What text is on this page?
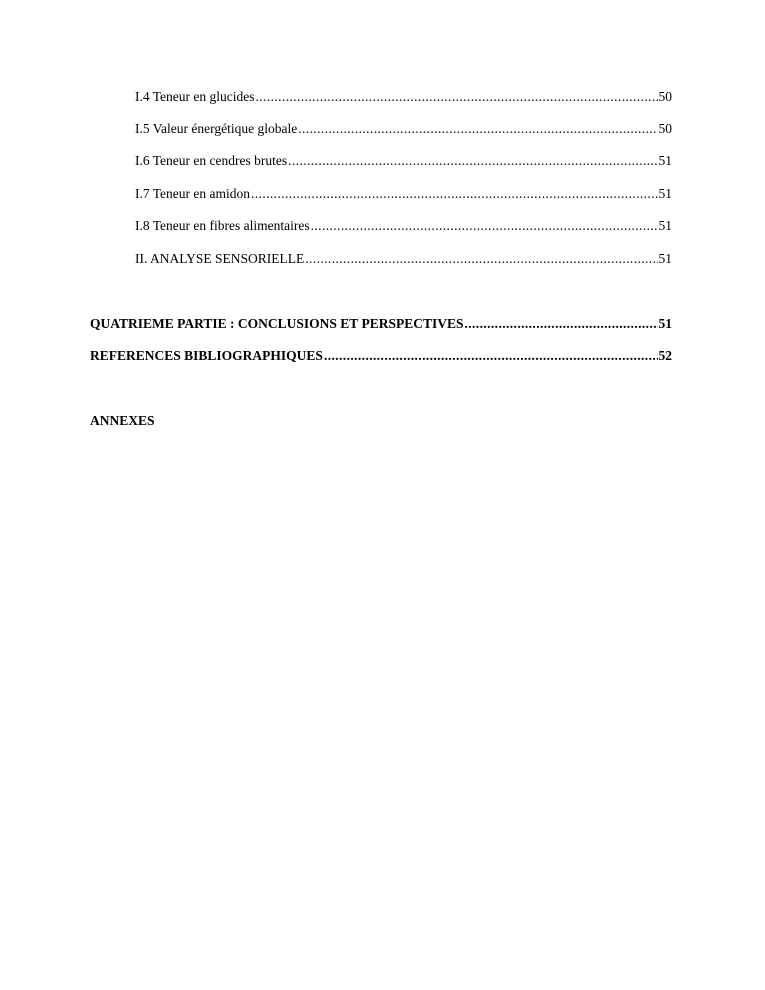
I.4 Teneur en glucides .....	50
I.5 Valeur énergétique globale .....	50
I.6 Teneur en cendres brutes .....	51
I.7 Teneur en amidon .....	51
I.8 Teneur en fibres alimentaires .....	51
II. ANALYSE SENSORIELLE .....	51
QUATRIEME PARTIE : CONCLUSIONS ET PERSPECTIVES .....	51
REFERENCES BIBLIOGRAPHIQUES .....	52
ANNEXES
